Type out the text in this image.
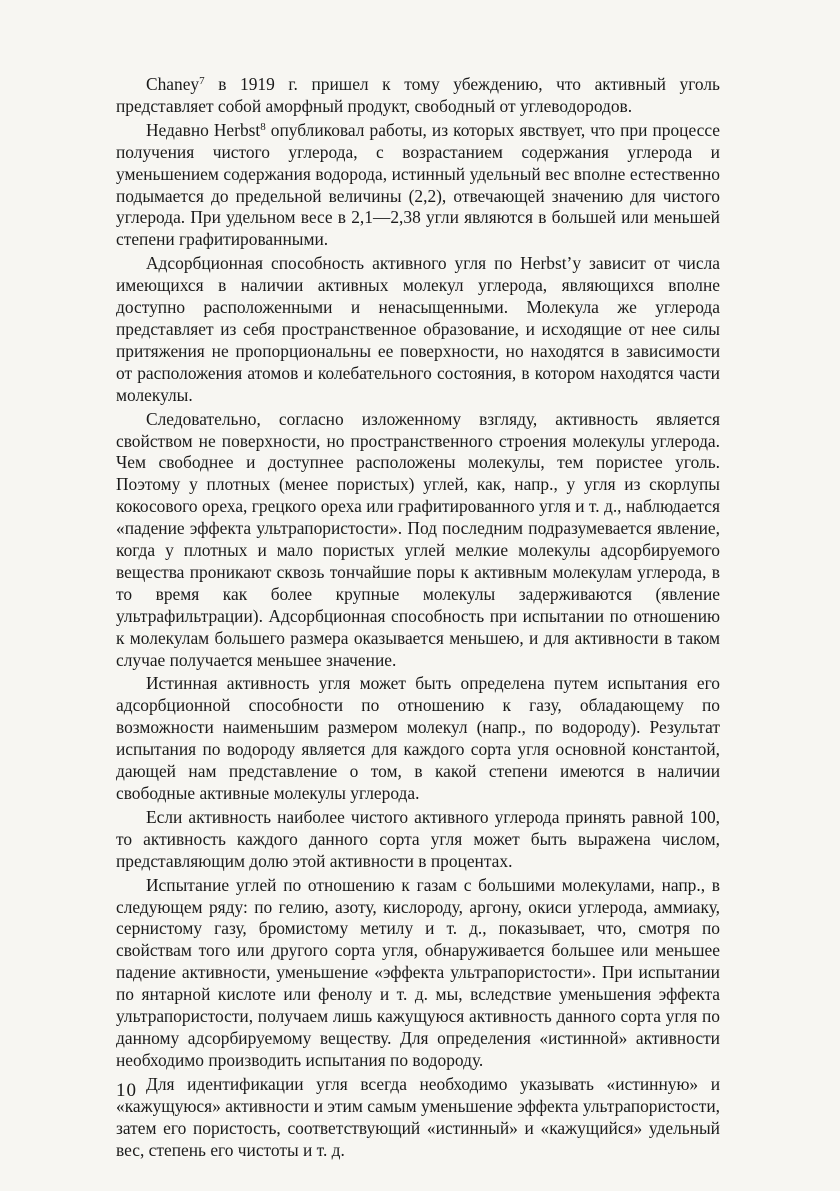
Chaney$^7$ в 1919 г. пришел к тому убеждению, что активный уголь представляет собой аморфный продукт, свободный от углеводородов.

Недавно Herbst$^8$ опубликовал работы, из которых явствует, что при процессе получения чистого углерода, с возрастанием содержания углерода и уменьшением содержания водорода, истинный удельный вес вполне естественно подымается до предельной величины (2,2), отвечающей значению для чистого углерода. При удельном весе в 2,1—2,38 угли являются в большей или меньшей степени графитированными.

Адсорбционная способность активного угля по Herbst’y зависит от числа имеющихся в наличии активных молекул углерода, являющихся вполне доступно расположенными и ненасыщенными. Молекула же углерода представляет из себя пространственное образование, и исходящие от нее силы притяжения не пропорциональны ее поверхности, но находятся в зависимости от расположения атомов и колебательного состояния, в котором находятся части молекулы.

Следовательно, согласно изложенному взгляду, активность является свойством не поверхности, но пространственного строения молекулы углерода. Чем свободнее и доступнее расположены молекулы, тем пористее уголь. Поэтому у плотных (менее пористых) углей, как, напр., у угля из скорлупы кокосового ореха, грецкого ореха или графитированного угля и т. д., наблюдается «падение эффекта ультрапористости». Под последним подразумевается явление, когда у плотных и мало пористых углей мелкие молекулы адсорбируемого вещества проникают сквозь тончайшие поры к активным молекулам углерода, в то время как более крупные молекулы задерживаются (явление ультрафильтрации). Адсорбционная способность при испытании по отношению к молекулам большего размера оказывается меньшею, и для активности в таком случае получается меньшее значение.

Истинная активность угля может быть определена путем испытания его адсорбционной способности по отношению к газу, обладающему по возможности наименьшим размером молекул (напр., по водороду). Результат испытания по водороду является для каждого сорта угля основной константой, дающей нам представление о том, в какой степени имеются в наличии свободные активные молекулы углерода.

Если активность наиболее чистого активного углерода принять равной 100, то активность каждого данного сорта угля может быть выражена числом, представляющим долю этой активности в процентах.

Испытание углей по отношению к газам с большими молекулами, напр., в следующем ряду: по гелию, азоту, кислороду, аргону, окиси углерода, аммиаку, сернистому газу, бромистому метилу и т. д., показывает, что, смотря по свойствам того или другого сорта угля, обнаруживается большее или меньшее падение активности, уменьшение «эффекта ультрапористости». При испытании по янтарной кислоте или фенолу и т. д. мы, вследствие уменьшения эффекта ультрапористости, получаем лишь кажущуюся активность данного сорта угля по данному адсорбируемому веществу. Для определения «истинной» активности необходимо производить испытания по водороду.

Для идентификации угля всегда необходимо указывать «истинную» и «кажущуюся» активности и этим самым уменьшение эффекта ультрапористости, затем его пористость, соответствующий «истинный» и «кажущийся» удельный вес, степень его чистоты и т. д.

10
